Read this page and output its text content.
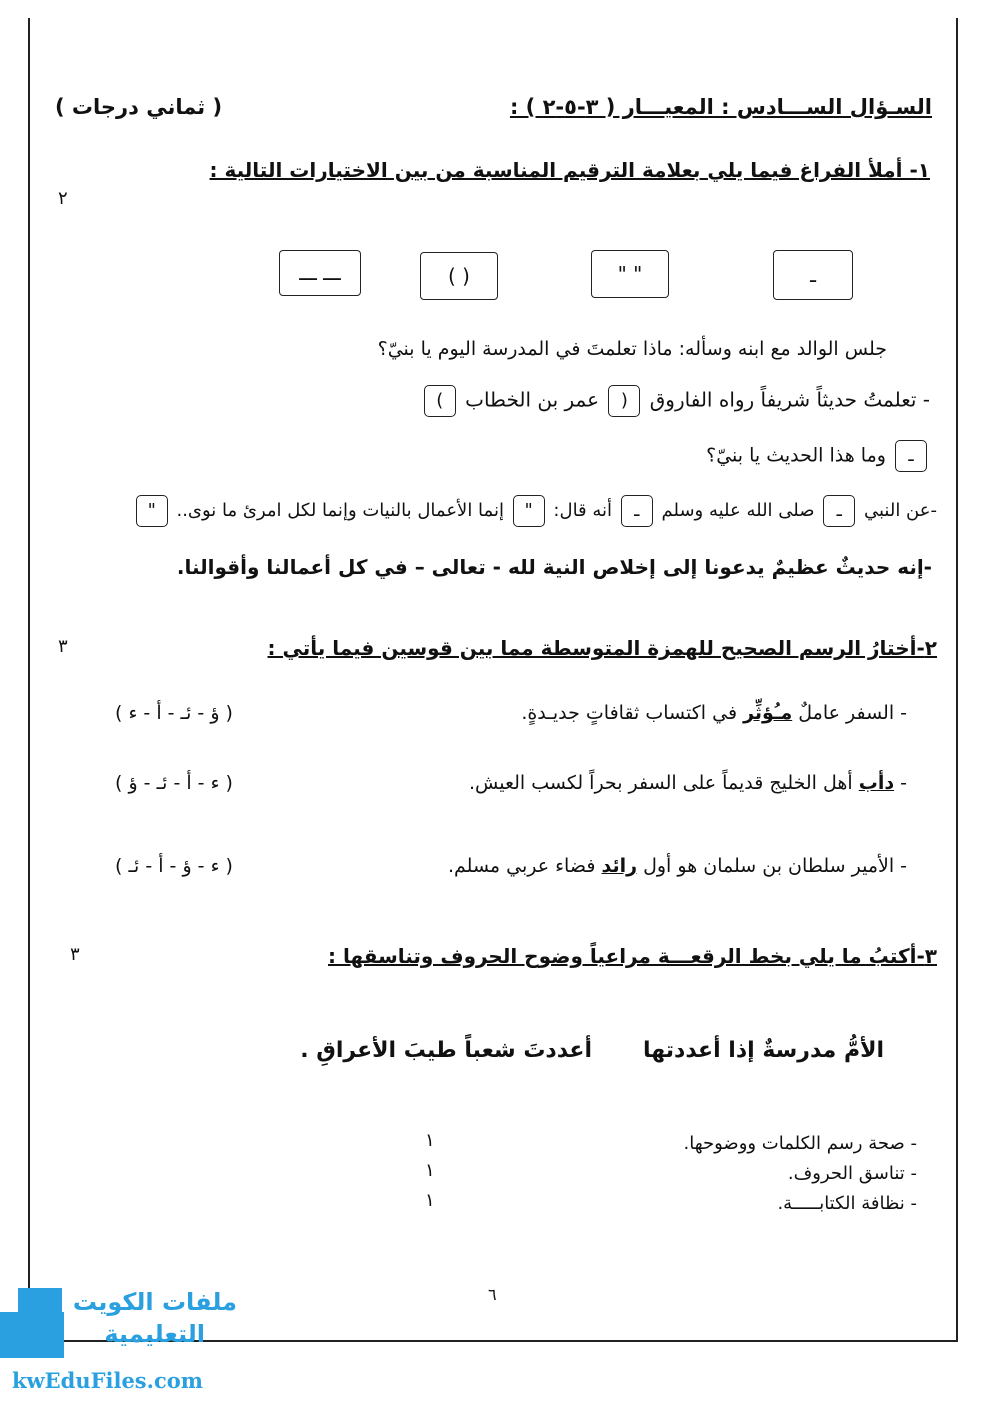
السـؤال الســـادس : المعيـــار ( ٣-٥-٢ ) :
( ثماني درجات )
١- أملأ الفراغ فيما يلي بعلامة الترقيم المناسبة من بين الاختيارات التالية :
٢
ـ
" "
( )
ـــ ـــ
جلس الوالد مع ابنه وسأله: ماذا تعلمتَ في المدرسة اليوم يا بنيّ؟
- تعلمتُ حديثاً شريفاً رواه الفاروق ( عمر بن الخطاب )
ـ وما هذا الحديث يا بنيّ؟
-عن النبي ـ صلى الله عليه وسلم ـ أنه قال: " إنما الأعمال بالنيات وإنما لكل امرئ ما نوى.. "
-إنه حديثٌ عظيمٌ يدعونا إلى إخلاص النية لله - تعالى – في كل أعمالنا وأقوالنا.
٢-أختارُ الرسم الصحيح للهمزة المتوسطة مما بين قوسين فيما يأتي :
٣
- السفر عاملٌ مـُؤثِّر في اكتساب ثقافاتٍ جديـدةٍ.
( ؤ - ئـ - أ - ء )
- دأب أهل الخليج قديماً على السفر بحراً لكسب العيش.
( ء - أ - ئـ - ؤ )
- الأمير سلطان بن سلمان هو أول رائد فضاء عربي مسلم.
( ء - ؤ - أ - ئـ )
٣-أكتبُ ما يلي بخط الرقعـــة مراعياً وضوح الحروف وتناسقها :
٣
الأمُّ مدرسةٌ إذا أعددتها
أعددتَ شعباً طيبَ الأعراقِ .
- صحة رسم الكلمات ووضوحها.
١
- تناسق الحروف.
١
- نظافة الكتابـــــة.
١
٦
ملفات الكويت
التعليمية
kwEduFiles.com
